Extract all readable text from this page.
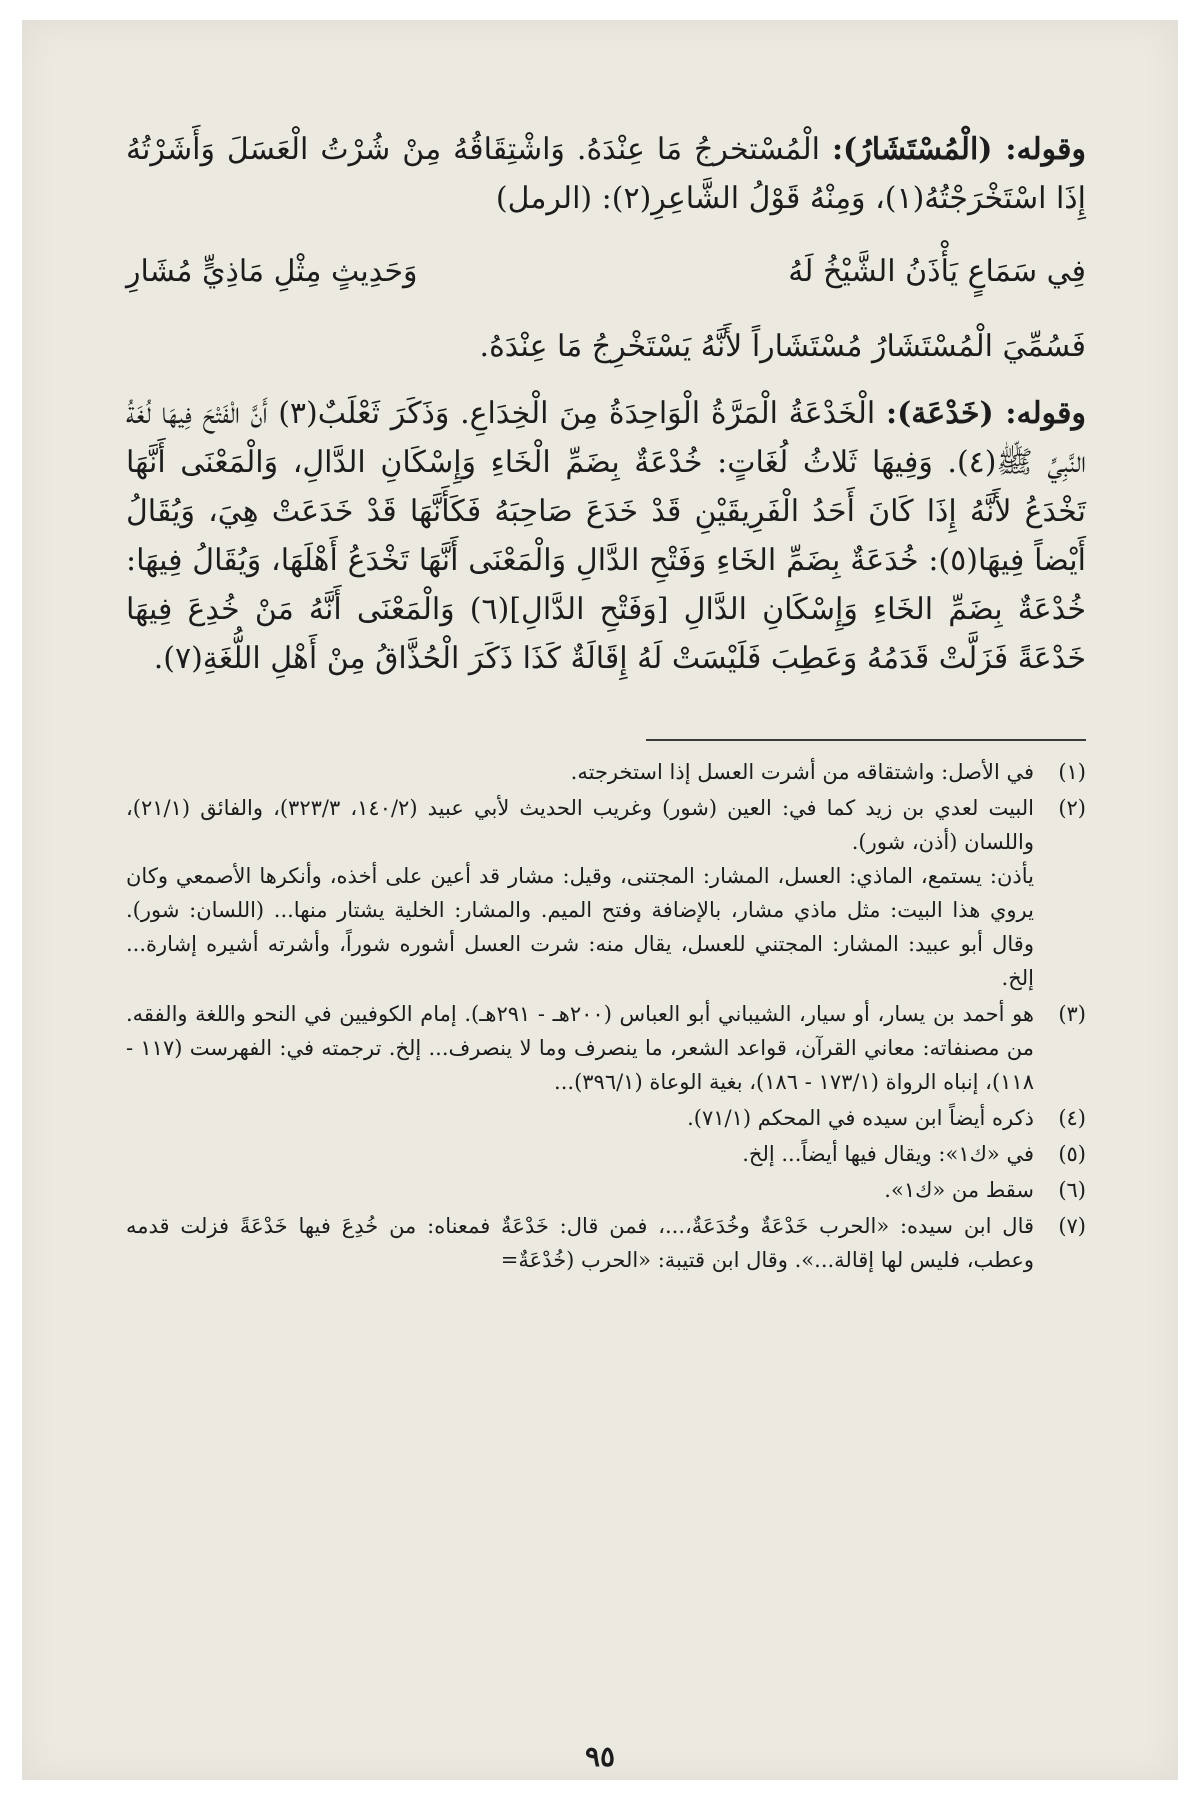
وقوله: (الْمُسْتَشَارُ): الْمُسْتخرجُ مَا عِنْدَهُ. وَاشْتِقَاقُهُ مِنْ شُرْتُ الْعَسَلَ وَأَشَرْتُهُ إِذَا اسْتَخْرَجْتُهُ(١)، وَمِنْهُ قَوْلُ الشَّاعِرِ(٢): (الرمل)

فِي سَمَاعٍ يَأْذَنُ الشَّيْخُ لَهُ
وَحَدِيثٍ مِثْلِ مَاذِيٍّ مُشَارِ

فَسُمِّيَ الْمُسْتَشَارُ مُسْتَشَاراً لأَنَّهُ يَسْتَخْرِجُ مَا عِنْدَهُ.

وقوله: (خَدْعَة): الْخَدْعَةُ الْمَرَّةُ الْوَاحِدَةُ مِنَ الْخِدَاعِ. وَذَكَرَ ثَعْلَبٌ(٣) أَنَّ الْفَتْحَ فِيهَا لُغَةُ النَّبِيِّ ﷺ(٤). وَفِيهَا ثَلاثُ لُغَاتٍ: خُدْعَةٌ بِضَمِّ الْخَاءِ وَإِسْكَانِ الدَّالِ، وَالْمَعْنَى أَنَّهَا تَخْدَعُ لأَنَّهُ إِذَا كَانَ أَحَدُ الْفَرِيقَيْنِ قَدْ خَدَعَ صَاحِبَهُ فَكَأَنَّهَا قَدْ خَدَعَتْ هِيَ، وَيُقَالُ أَيْضاً فِيهَا(٥): خُدَعَةٌ بِضَمِّ الخَاءِ وَفَتْحِ الدَّالِ وَالْمَعْنَى أَنَّهَا تَخْدَعُ أَهْلَهَا، وَيُقَالُ فِيهَا: خُدْعَةٌ بِضَمِّ الخَاءِ وَإِسْكَانِ الدَّالِ [وَفَتْحِ الدَّالِ](٦) وَالْمَعْنَى أَنَّهُ مَنْ خُدِعَ فِيهَا خَدْعَةً فَزَلَّتْ قَدَمُهُ وَعَطِبَ فَلَيْسَتْ لَهُ إِقَالَةٌ كَذَا ذَكَرَ الْحُذَّاقُ مِنْ أَهْلِ اللُّغَةِ(٧).

(١)
في الأصل: واشتقاقه من أشرت العسل إذا استخرجته.
(٢)
البيت لعدي بن زيد كما في: العين (شور) وغريب الحديث لأبي عبيد (١٤٠/٢، ٣٢٣/٣)، والفائق (٢١/١)، واللسان (أذن، شور).
يأذن: يستمع، الماذي: العسل، المشار: المجتنى، وقيل: مشار قد أعين على أخذه، وأنكرها الأصمعي وكان يروي هذا البيت: مثل ماذي مشار، بالإضافة وفتح الميم. والمشار: الخلية يشتار منها... (اللسان: شور). وقال أبو عبيد: المشار: المجتني للعسل، يقال منه: شرت العسل أشوره شوراً، وأشرته أشيره إشارة... إلخ.
(٣)
هو أحمد بن يسار، أو سيار، الشيباني أبو العباس (٢٠٠هـ - ٢٩١هـ). إمام الكوفيين في النحو واللغة والفقه. من مصنفاته: معاني القرآن، قواعد الشعر، ما ينصرف وما لا ينصرف... إلخ. ترجمته في: الفهرست (١١٧ - ١١٨)، إنباه الرواة (١٧٣/١ - ١٨٦)، بغية الوعاة (٣٩٦/١)...
(٤)
ذكره أيضاً ابن سيده في المحكم (٧١/١).
(٥)
في «ك١»: ويقال فيها أيضاً... إلخ.
(٦)
سقط من «ك١».
(٧)
قال ابن سيده: «الحرب خَدْعَةٌ وخُدَعَةٌ،...، فمن قال: خَدْعَةٌ فمعناه: من خُدِعَ فيها خَدْعَةً فزلت قدمه وعطب، فليس لها إقالة...». وقال ابن قتيبة: «الحرب (خُدْعَةٌ=
٩٥
